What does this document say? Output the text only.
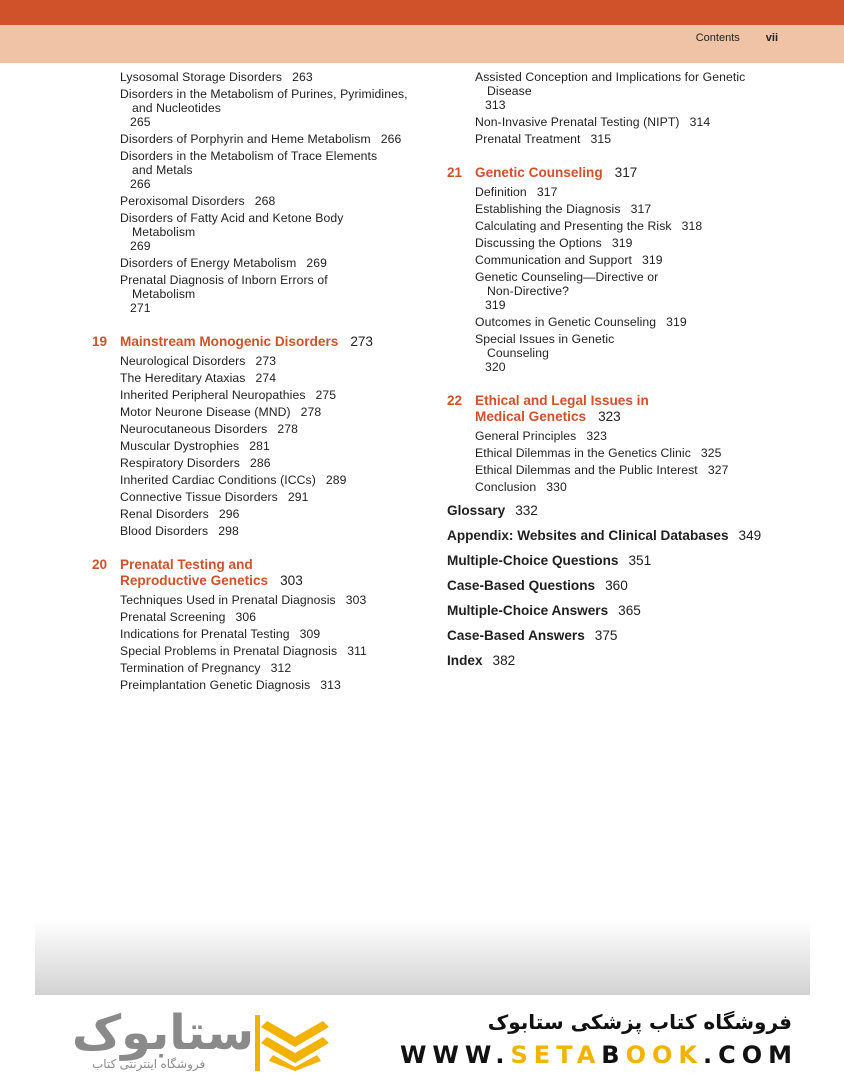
Contents vii
Lysosomal Storage Disorders 263
Disorders in the Metabolism of Purines, Pyrimidines,
and Nucleotides
265
Disorders of Porphyrin and Heme Metabolism 266
Disorders in the Metabolism of Trace Elements
and Metals
266
Peroxisomal Disorders 268
Disorders of Fatty Acid and Ketone Body
Metabolism
269
Disorders of Energy Metabolism 269
Prenatal Diagnosis of Inborn Errors of
Metabolism
271
19 Mainstream Monogenic Disorders 273
Neurological Disorders 273
The Hereditary Ataxias 274
Inherited Peripheral Neuropathies 275
Motor Neurone Disease (MND) 278
Neurocutaneous Disorders 278
Muscular Dystrophies 281
Respiratory Disorders 286
Inherited Cardiac Conditions (ICCs) 289
Connective Tissue Disorders 291
Renal Disorders 296
Blood Disorders 298
20 Prenatal Testing and
Reproductive Genetics 303
Techniques Used in Prenatal Diagnosis 303
Prenatal Screening 306
Indications for Prenatal Testing 309
Special Problems in Prenatal Diagnosis 311
Termination of Pregnancy 312
Preimplantation Genetic Diagnosis 313
Assisted Conception and Implications for Genetic
Disease
313
Non-Invasive Prenatal Testing (NIPT) 314
Prenatal Treatment 315
21 Genetic Counseling 317
Definition 317
Establishing the Diagnosis 317
Calculating and Presenting the Risk 318
Discussing the Options 319
Communication and Support 319
Genetic Counseling—Directive or
Non-Directive?
319
Outcomes in Genetic Counseling 319
Special Issues in Genetic
Counseling
320
22 Ethical and Legal Issues in
Medical Genetics 323
General Principles 323
Ethical Dilemmas in the Genetics Clinic 325
Ethical Dilemmas and the Public Interest 327
Conclusion 330
Glossary 332
Appendix: Websites and Clinical Databases 349
Multiple-Choice Questions 351
Case-Based Questions 360
Multiple-Choice Answers 365
Case-Based Answers 375
Index 382
ستابوک
فروشگاه اینترنتی کتاب
فروشگاه کتاب پزشکی ستابوک
WWW.SETABOOK.COM
